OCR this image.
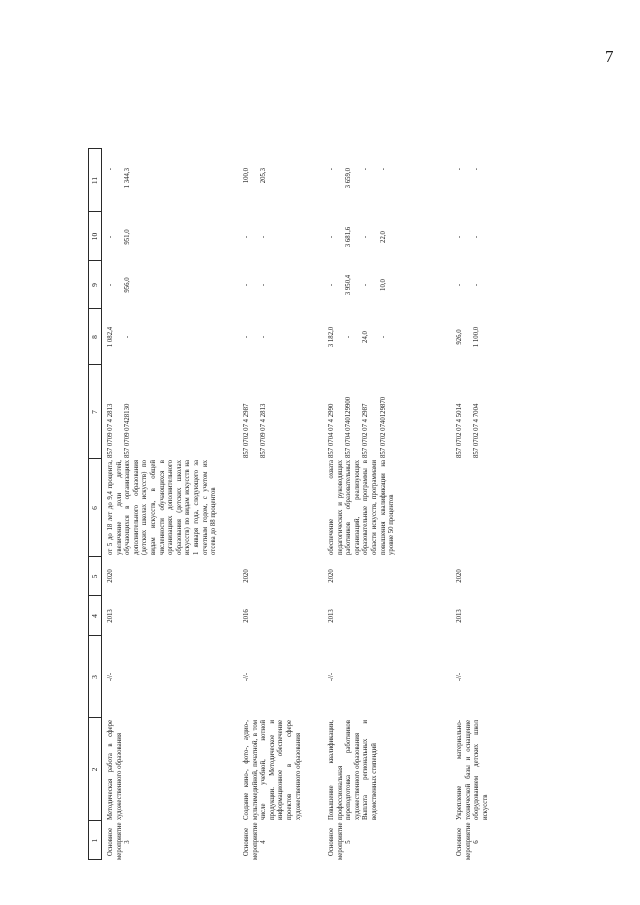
7
1
2
3
4
5
6
7
8
9
10
11
Основное
мероприятие 3
Методическая работа в сфере художественного образования
-//-
2013
2020
от 5 до 18 лет до 9,4 процента, увеличение доли детей, обучающихся в организациях дополнительного образования (детских школах искусств) по видам искусств, в общей численности обучающихся в организациях дополнительного образования (детских школах искусств) по видам искусств на 1 января года, следующего за отчетным годом, с учетом их отсева до 88 процентов
857 0709 07 4 2813

857 0709 07428130
1 082,4

-
-

956,0
-

951,0
-

1 344,3
Основное
мероприятие 4
Создание кино-, фото-, аудио-, мультимедийной, печатной, в том числе учебной, нотной продукции. Методическое и информационное обеспечение проектов в сфере художественного образования
-//-
2016
2020
857 0702 07 4 2987

857 0709 07 4 2813
-

-
-

-
-

-
100,0

205,3
Основное
мероприятие 5
Повышение квалификации, профессиональная переподготовка работников художественного образования
Выплата региональных и ведомственных стипендий
-//-
2013
2020
обеспечение охвата педагогических и руководящих работников образовательных организаций, реализующих образовательные программы в области искусств, программами повышения квалификации на уровне 50 процентов
857 0704 07 4 2990

857 0704 0740129900

857 0702 07 4 2987

857 0702 0740129870
3 182,0

-

24,0

-
-

3 950,4

-

10,0
-

3 681,6

-

22,0
-

3 659,0

-

-
Основное
мероприятие 6
Укрепление материально-технической базы и оснащение оборудованием детских школ искусств
-//-
2013
2020
857 0702 07 4 5014

857 0702 07 4 7004
926,0

1 100,0
-

-
-

-
-

-
